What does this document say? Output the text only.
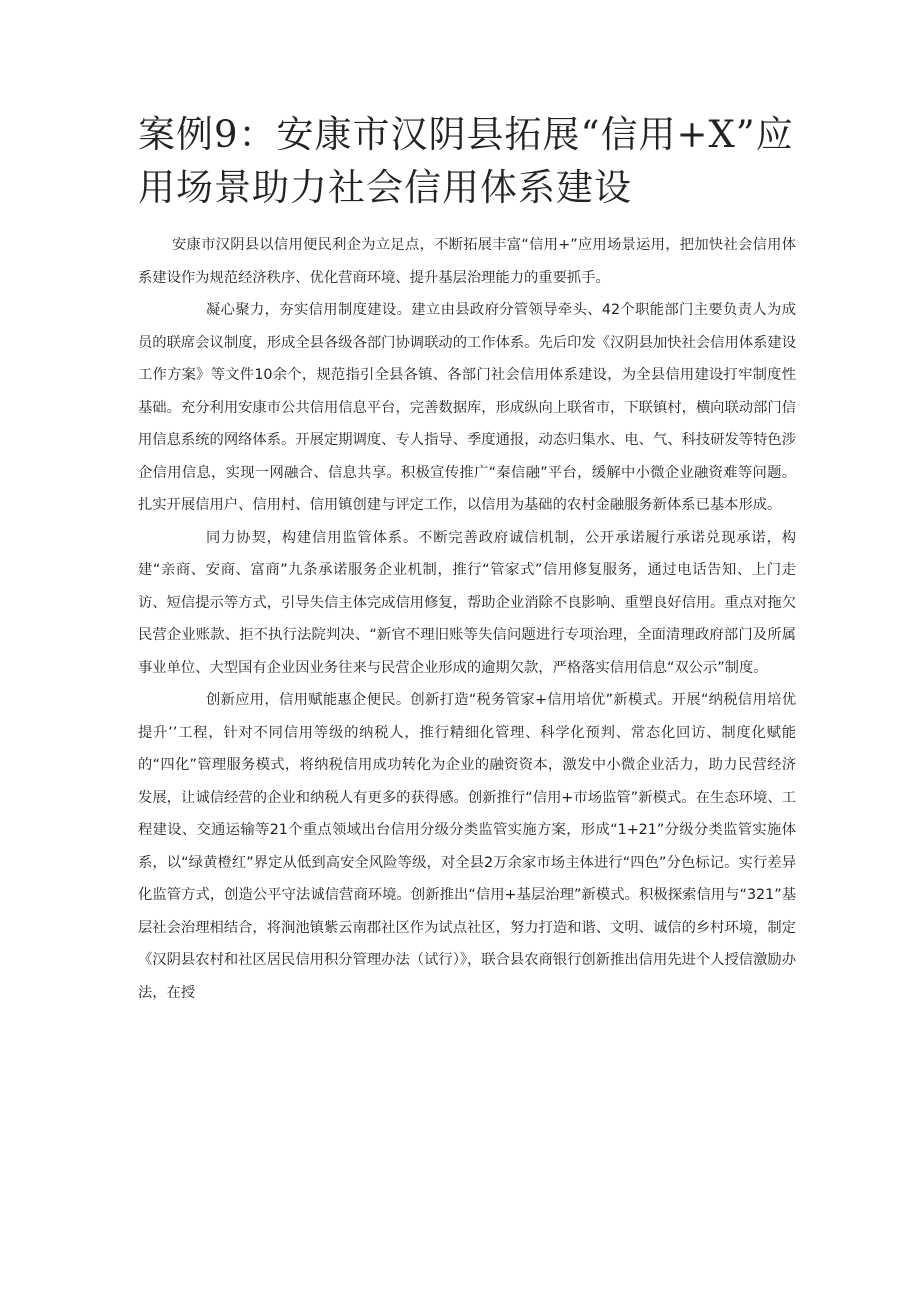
案例9：安康市汉阴县拓展“信用+X”应用场景助力社会信用体系建设

安康市汉阴县以信用便民利企为立足点，不断拓展丰富“信用+”应用场景运用，把加快社会信用体系建设作为规范经济秩序、优化营商环境、提升基层治理能力的重要抓手。

凝心聚力，夯实信用制度建设。建立由县政府分管领导牵头、42个职能部门主要负责人为成员的联席会议制度，形成全县各级各部门协调联动的工作体系。先后印发《汉阴县加快社会信用体系建设工作方案》等文件10余个，规范指引全县各镇、各部门社会信用体系建设，为全县信用建设打牢制度性基础。充分利用安康市公共信用信息平台，完善数据库，形成纵向上联省市，下联镇村，横向联动部门信用信息系统的网络体系。开展定期调度、专人指导、季度通报，动态归集水、电、气、科技研发等特色涉企信用信息，实现一网融合、信息共享。积极宣传推广“秦信融”平台，缓解中小微企业融资难等问题。扎实开展信用户、信用村、信用镇创建与评定工作，以信用为基础的农村金融服务新体系已基本形成。

同力协契，构建信用监管体系。不断完善政府诚信机制，公开承诺履行承诺兑现承诺，构建“亲商、安商、富商”九条承诺服务企业机制，推行“管家式”信用修复服务，通过电话告知、上门走访、短信提示等方式，引导失信主体完成信用修复，帮助企业消除不良影响、重塑良好信用。重点对拖欠民营企业账款、拒不执行法院判决、“新官不理旧账等失信问题进行专项治理，全面清理政府部门及所属事业单位、大型国有企业因业务往来与民营企业形成的逾期欠款，严格落实信用信息“双公示”制度。

创新应用，信用赋能惠企便民。创新打造“税务管家+信用培优”新模式。开展“纳税信用培优提升’’工程，针对不同信用等级的纳税人，推行精细化管理、科学化预判、常态化回访、制度化赋能的“四化”管理服务模式，将纳税信用成功转化为企业的融资资本，激发中小微企业活力，助力民营经济发展，让诚信经营的企业和纳税人有更多的获得感。创新推行“信用+市场监管”新模式。在生态环境、工程建设、交通运输等21个重点领域出台信用分级分类监管实施方案，形成“1+21”分级分类监管实施体系，以“绿黄橙红”界定从低到高安全风险等级，对全县2万余家市场主体进行“四色”分色标记。实行差异化监管方式，创造公平守法诚信营商环境。创新推出“信用+基层治理”新模式。积极探索信用与“321”基层社会治理相结合，将涧池镇紫云南郡社区作为试点社区，努力打造和谐、文明、诚信的乡村环境，制定《汉阴县农村和社区居民信用积分管理办法（试行）》，联合县农商银行创新推出信用先进个人授信激励办法，在授
